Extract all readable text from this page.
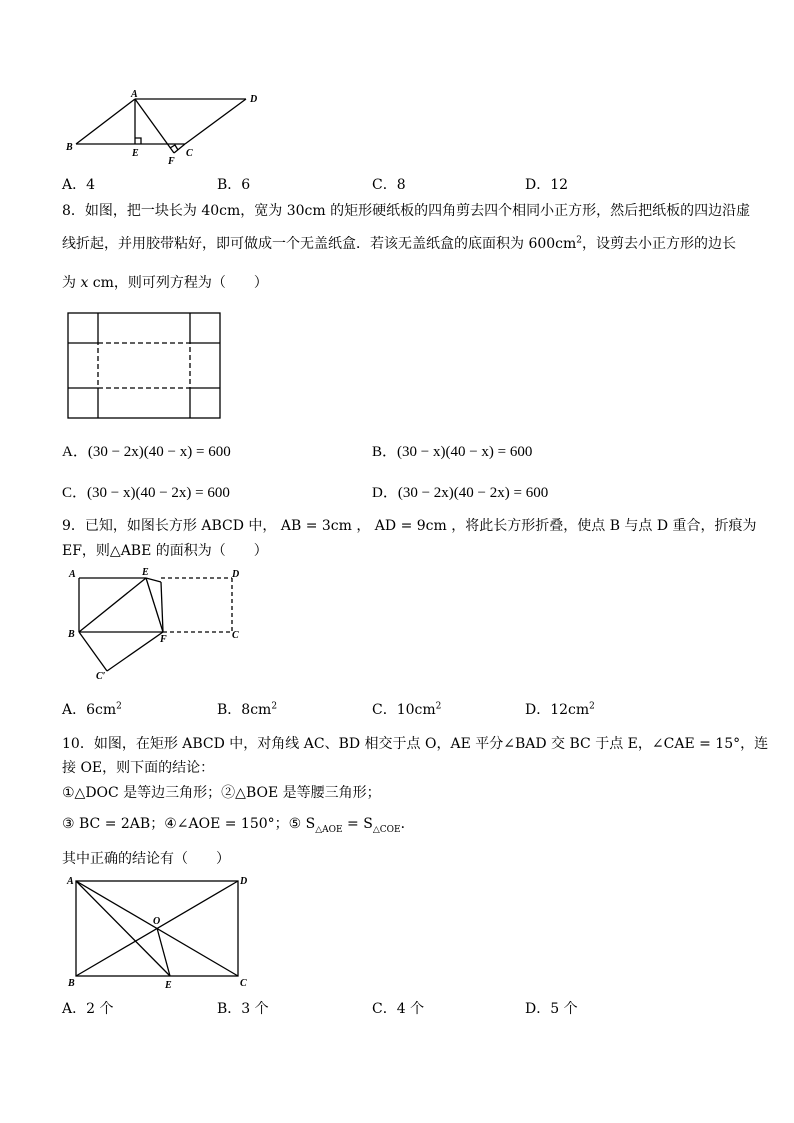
A	D
B
E
F
C
A．4	B．6	C．8	D．12
8．如图，把一块长为 40cm，宽为 30cm 的矩形硬纸板的四角剪去四个相同小正方形，然后把纸板的四边沿虚
线折起，并用胶带粘好，即可做成一个无盖纸盒．若该无盖纸盒的底面积为 $600cm^2$，设剪去小正方形的边长
为 x cm，则可列方程为（　　）
A．(30 − 2x)(40 − x) = 600	B．(30 − x)(40 − x) = 600
C．(30 − x)(40 − 2x) = 600	D．(30 − 2x)(40 − 2x) = 600
9．已知，如图长方形 ABCD 中， AB = 3cm ， AD = 9cm ，将此长方形折叠，使点 B 与点 D 重合，折痕为
EF，则△ABE 的面积为（　　）
A	E	D
B	F	C
C′
A．$6cm^2$	B．$8cm^2$	C．$10cm^2$	D．$12cm^2$
10．如图，在矩形 ABCD 中，对角线 AC、BD 相交于点 O，AE 平分∠BAD 交 BC 于点 E，∠CAE = 15°，连
接 OE，则下面的结论：
①△DOC 是等边三角形；②△BOE 是等腰三角形；
③ BC = 2AB；④∠AOE = 150°；⑤ $S_{\triangle AOE} = S_{\triangle COE}$．
其中正确的结论有（　　）
A	D
O
B	E	C
A．2 个	B．3 个	C．4 个	D．5 个
